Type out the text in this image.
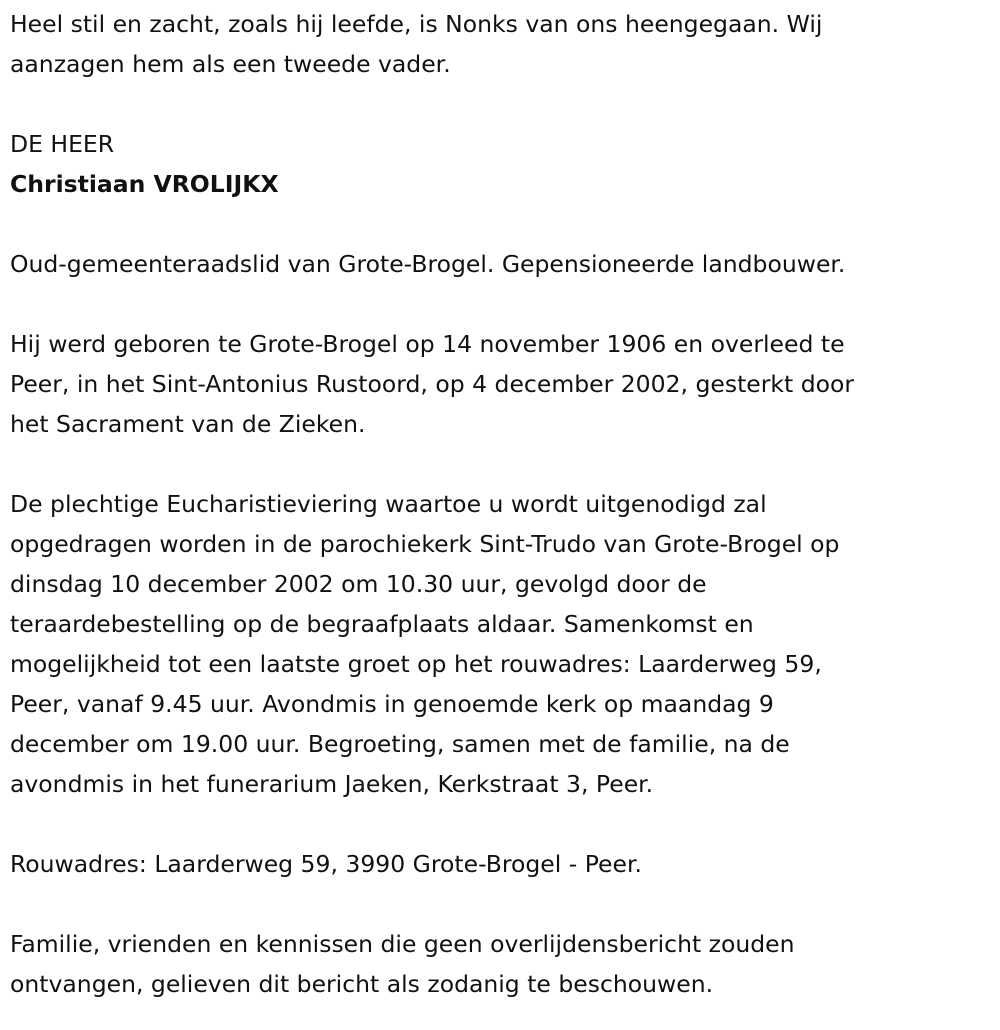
Heel stil en zacht, zoals hij leefde, is Nonks van ons heengegaan. Wij

aanzagen hem als een tweede vader.

DE HEER

Christiaan VROLIJKX

Oud-gemeenteraadslid van Grote-Brogel. Gepensioneerde landbouwer.

Hij werd geboren te Grote-Brogel op 14 november 1906 en overleed te

Peer, in het Sint-Antonius Rustoord, op 4 december 2002, gesterkt door

het Sacrament van de Zieken.

De plechtige Eucharistieviering waartoe u wordt uitgenodigd zal

opgedragen worden in de parochiekerk Sint-Trudo van Grote-Brogel op

dinsdag 10 december 2002 om 10.30 uur, gevolgd door de

teraardebestelling op de begraafplaats aldaar. Samenkomst en

mogelijkheid tot een laatste groet op het rouwadres: Laarderweg 59,

Peer, vanaf 9.45 uur. Avondmis in genoemde kerk op maandag 9

december om 19.00 uur. Begroeting, samen met de familie, na de

avondmis in het funerarium Jaeken, Kerkstraat 3, Peer.

Rouwadres: Laarderweg 59, 3990 Grote-Brogel - Peer.

Familie, vrienden en kennissen die geen overlijdensbericht zouden

ontvangen, gelieven dit bericht als zodanig te beschouwen.
